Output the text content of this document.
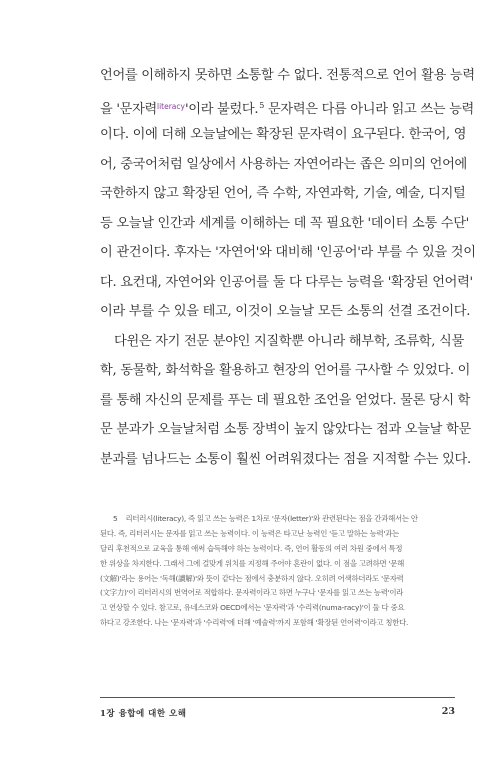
언어를 이해하지 못하면 소통할 수 없다. 전통적으로 언어 활용 능력
을 '문자력$^{literacy}$'이라 불렀다.$^5$ 문자력은 다름 아니라 읽고 쓰는 능력
이다. 이에 더해 오늘날에는 확장된 문자력이 요구된다. 한국어, 영
어, 중국어처럼 일상에서 사용하는 자연어라는 좁은 의미의 언어에
국한하지 않고 확장된 언어, 즉 수학, 자연과학, 기술, 예술, 디지털
등 오늘날 인간과 세계를 이해하는 데 꼭 필요한 '데이터 소통 수단'
이 관건이다. 후자는 '자연어'와 대비해 '인공어'라 부를 수 있을 것이
다. 요컨대, 자연어와 인공어를 둘 다 다루는 능력을 '확장된 언어력'
이라 부를 수 있을 테고, 이것이 오늘날 모든 소통의 선결 조건이다.
다윈은 자기 전문 분야인 지질학뿐 아니라 해부학, 조류학, 식물
학, 동물학, 화석학을 활용하고 현장의 언어를 구사할 수 있었다. 이
를 통해 자신의 문제를 푸는 데 필요한 조언을 얻었다. 물론 당시 학
문 분과가 오늘날처럼 소통 장벽이 높지 않았다는 점과 오늘날 학문
분과를 넘나드는 소통이 훨씬 어려워졌다는 점을 지적할 수는 있다.
5 리터러시(literacy), 즉 읽고 쓰는 능력은 1차로 '문자(letter)'와 관련된다는 점을 간과해서는 안
된다. 즉, 리터러시는 문자를 읽고 쓰는 능력이다. 이 능력은 타고난 능력인 '듣고 말하는 능력'과는
달리 후천적으로 교육을 통해 애써 습득해야 하는 능력이다. 즉, 언어 활동의 여러 차원 중에서 특정
한 위상을 차지한다. 그래서 그에 걸맞게 위치를 지정해 주어야 혼란이 없다. 이 점을 고려하면 '문해
(文解)'라는 용어는 '독해(讀解)'와 뜻이 같다는 점에서 충분하지 않다. 오히려 어색하더라도 '문자력
(文字力)'이 리터러시의 번역어로 적합하다. 문자력이라고 하면 누구나 '문자를 읽고 쓰는 능력'이라
고 연상할 수 있다. 참고로, 유네스코와 OECD에서는 '문자력'과 '수리력(numa-racy)'이 둘 다 중요
하다고 강조한다. 나는 '문자력'과 '수리력'에 더해 '예술력'까지 포함해 '확장된 언어력'이라고 칭한다.
1장 융합에 대한 오해	23
